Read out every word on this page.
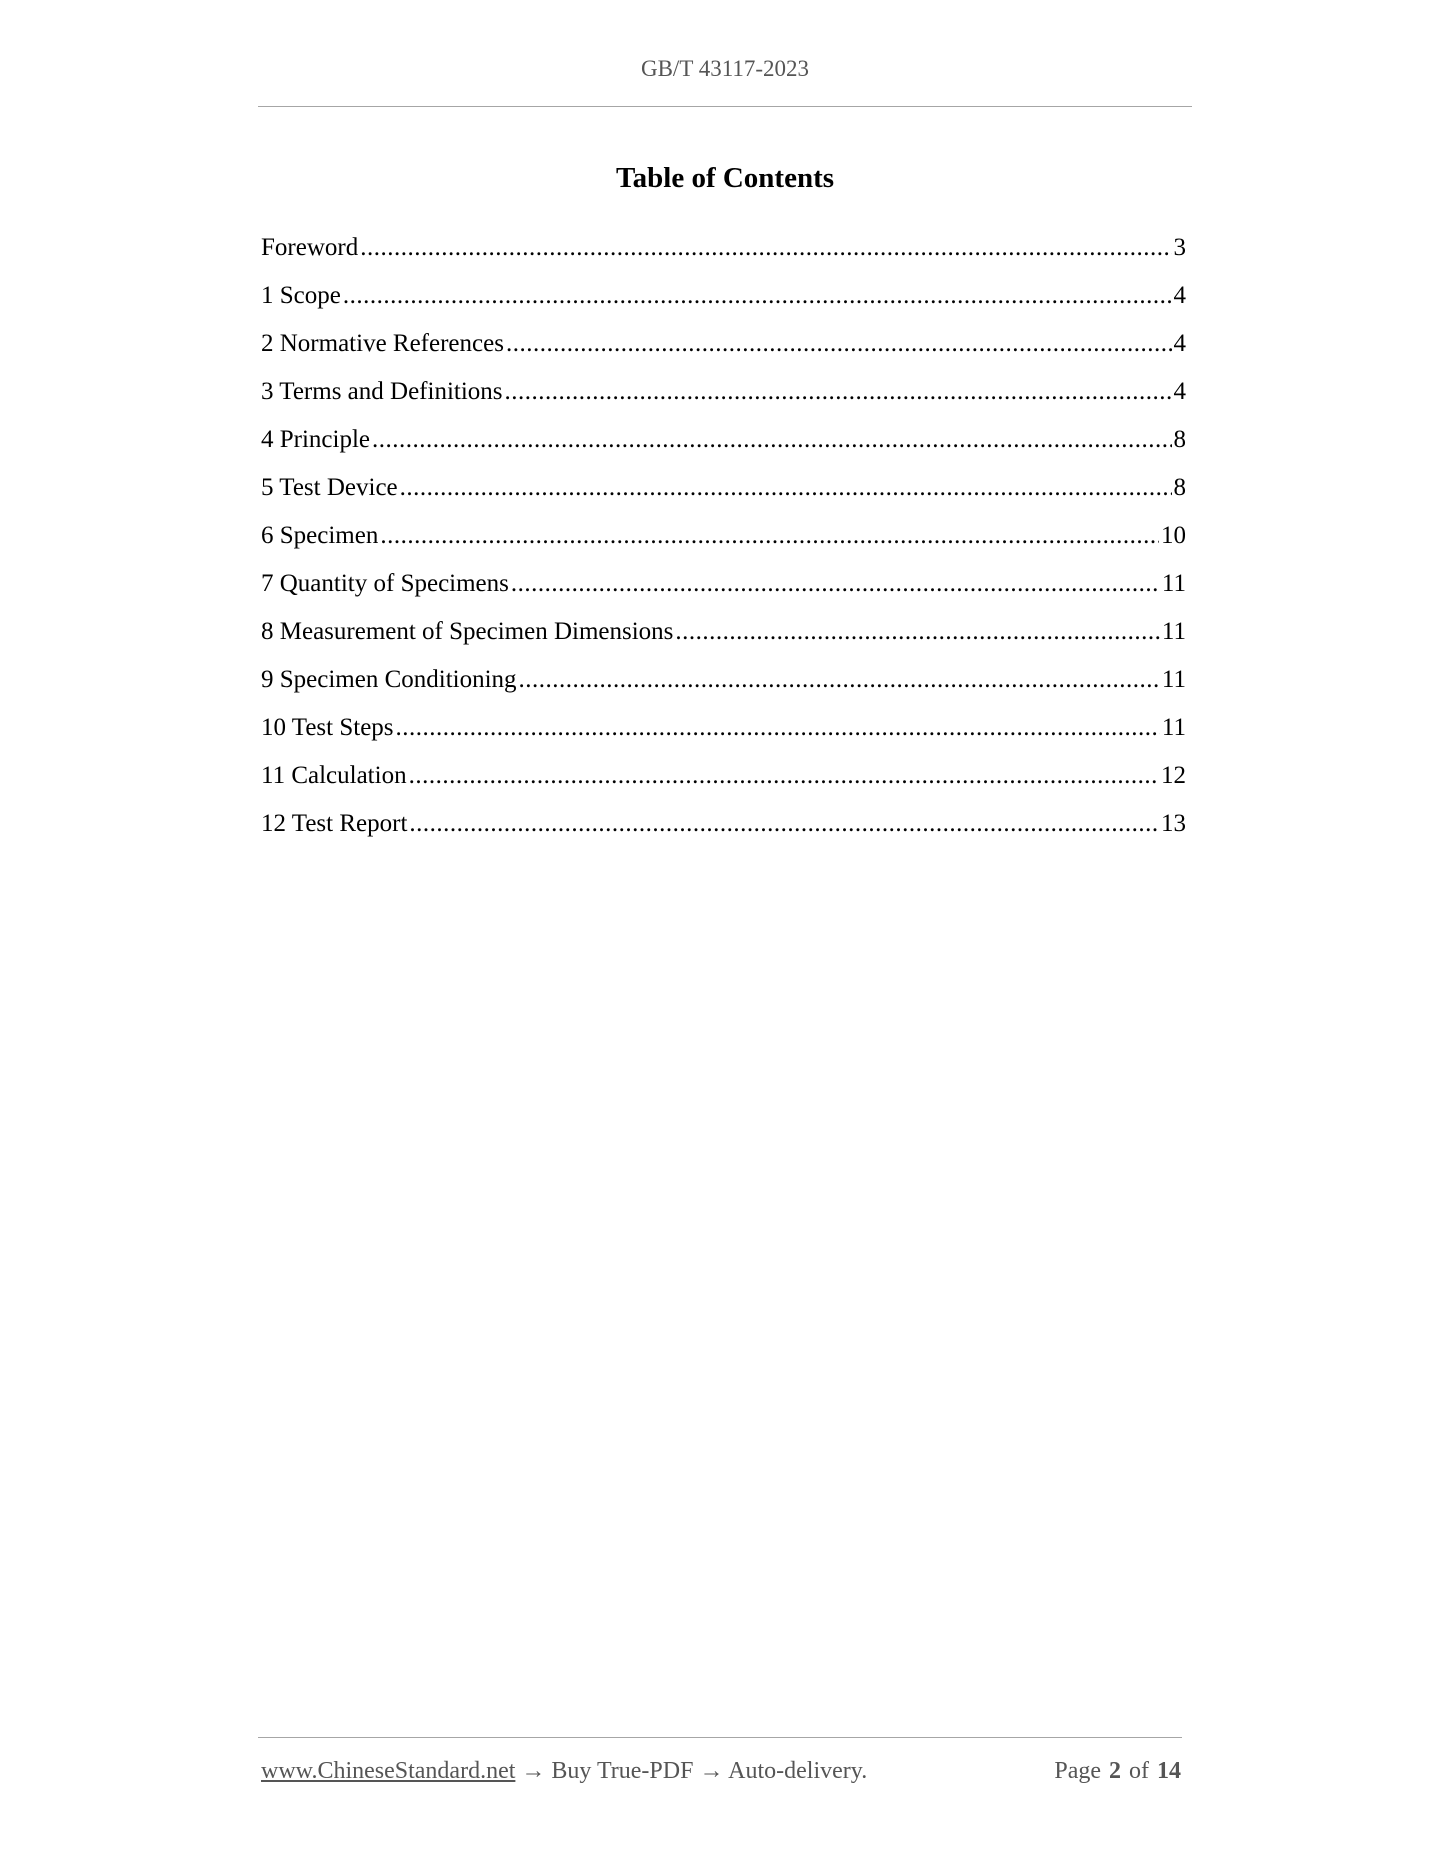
GB/T 43117-2023
Table of Contents
Foreword .....	3
1 Scope .....	4
2 Normative References .....	4
3 Terms and Definitions .....	4
4 Principle .....	8
5 Test Device .....	8
6 Specimen .....	10
7 Quantity of Specimens .....	11
8 Measurement of Specimen Dimensions .....	11
9 Specimen Conditioning .....	11
10 Test Steps .....	11
11 Calculation .....	12
12 Test Report .....	13
www.ChineseStandard.net → Buy True-PDF → Auto-delivery.	Page 2 of 14
